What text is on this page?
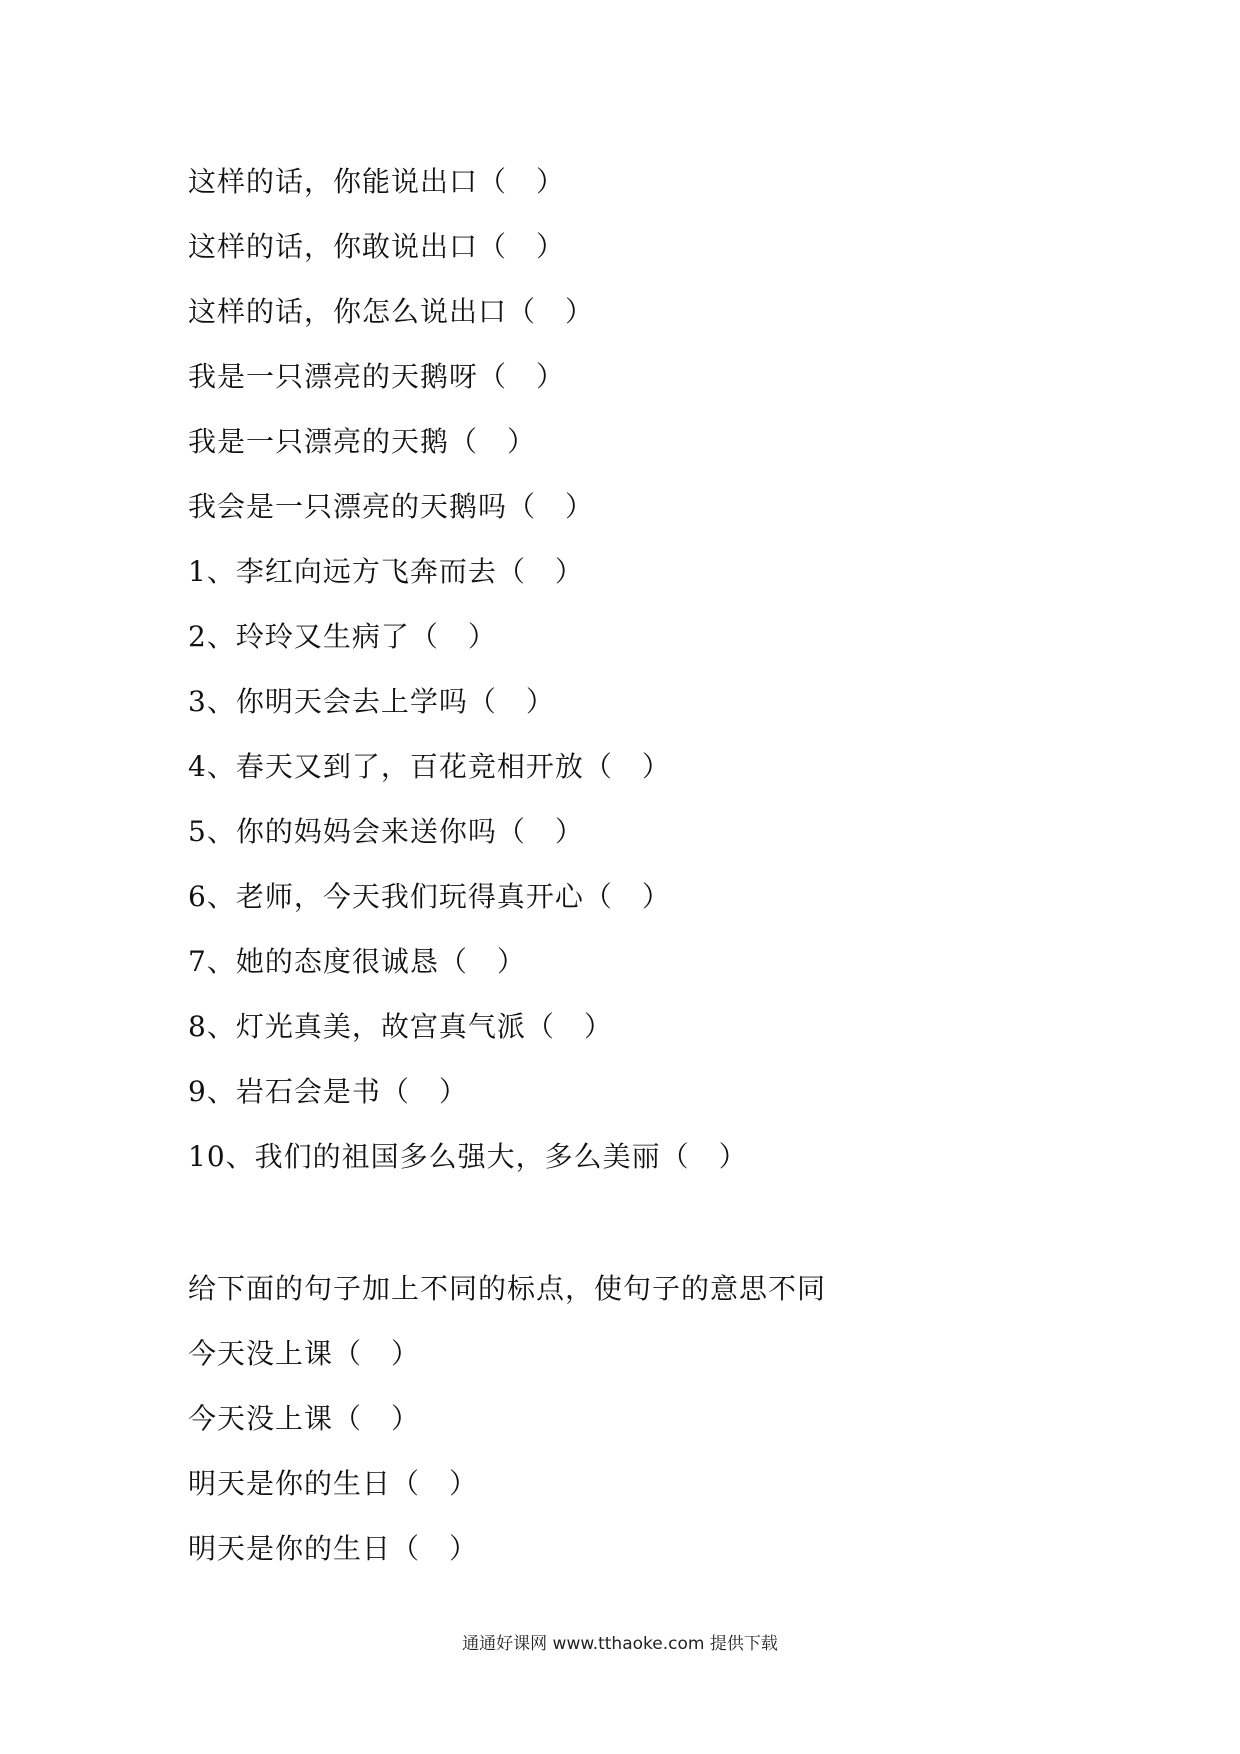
这样的话，你能说出口（　）
这样的话，你敢说出口（　）
这样的话，你怎么说出口（　）
我是一只漂亮的天鹅呀（　）
我是一只漂亮的天鹅（　）
我会是一只漂亮的天鹅吗（　）
1、李红向远方飞奔而去（　）
2、玲玲又生病了（　）
3、你明天会去上学吗（　）
4、春天又到了，百花竞相开放（　）
5、你的妈妈会来送你吗（　）
6、老师，今天我们玩得真开心（　）
7、她的态度很诚恳（　）
8、灯光真美，故宫真气派（　）
9、岩石会是书（　）
10、我们的祖国多么强大，多么美丽（　）
给下面的句子加上不同的标点，使句子的意思不同
今天没上课（　）
今天没上课（　）
明天是你的生日（　）
明天是你的生日（　）
通通好课网 www.tthaoke.com 提供下载
